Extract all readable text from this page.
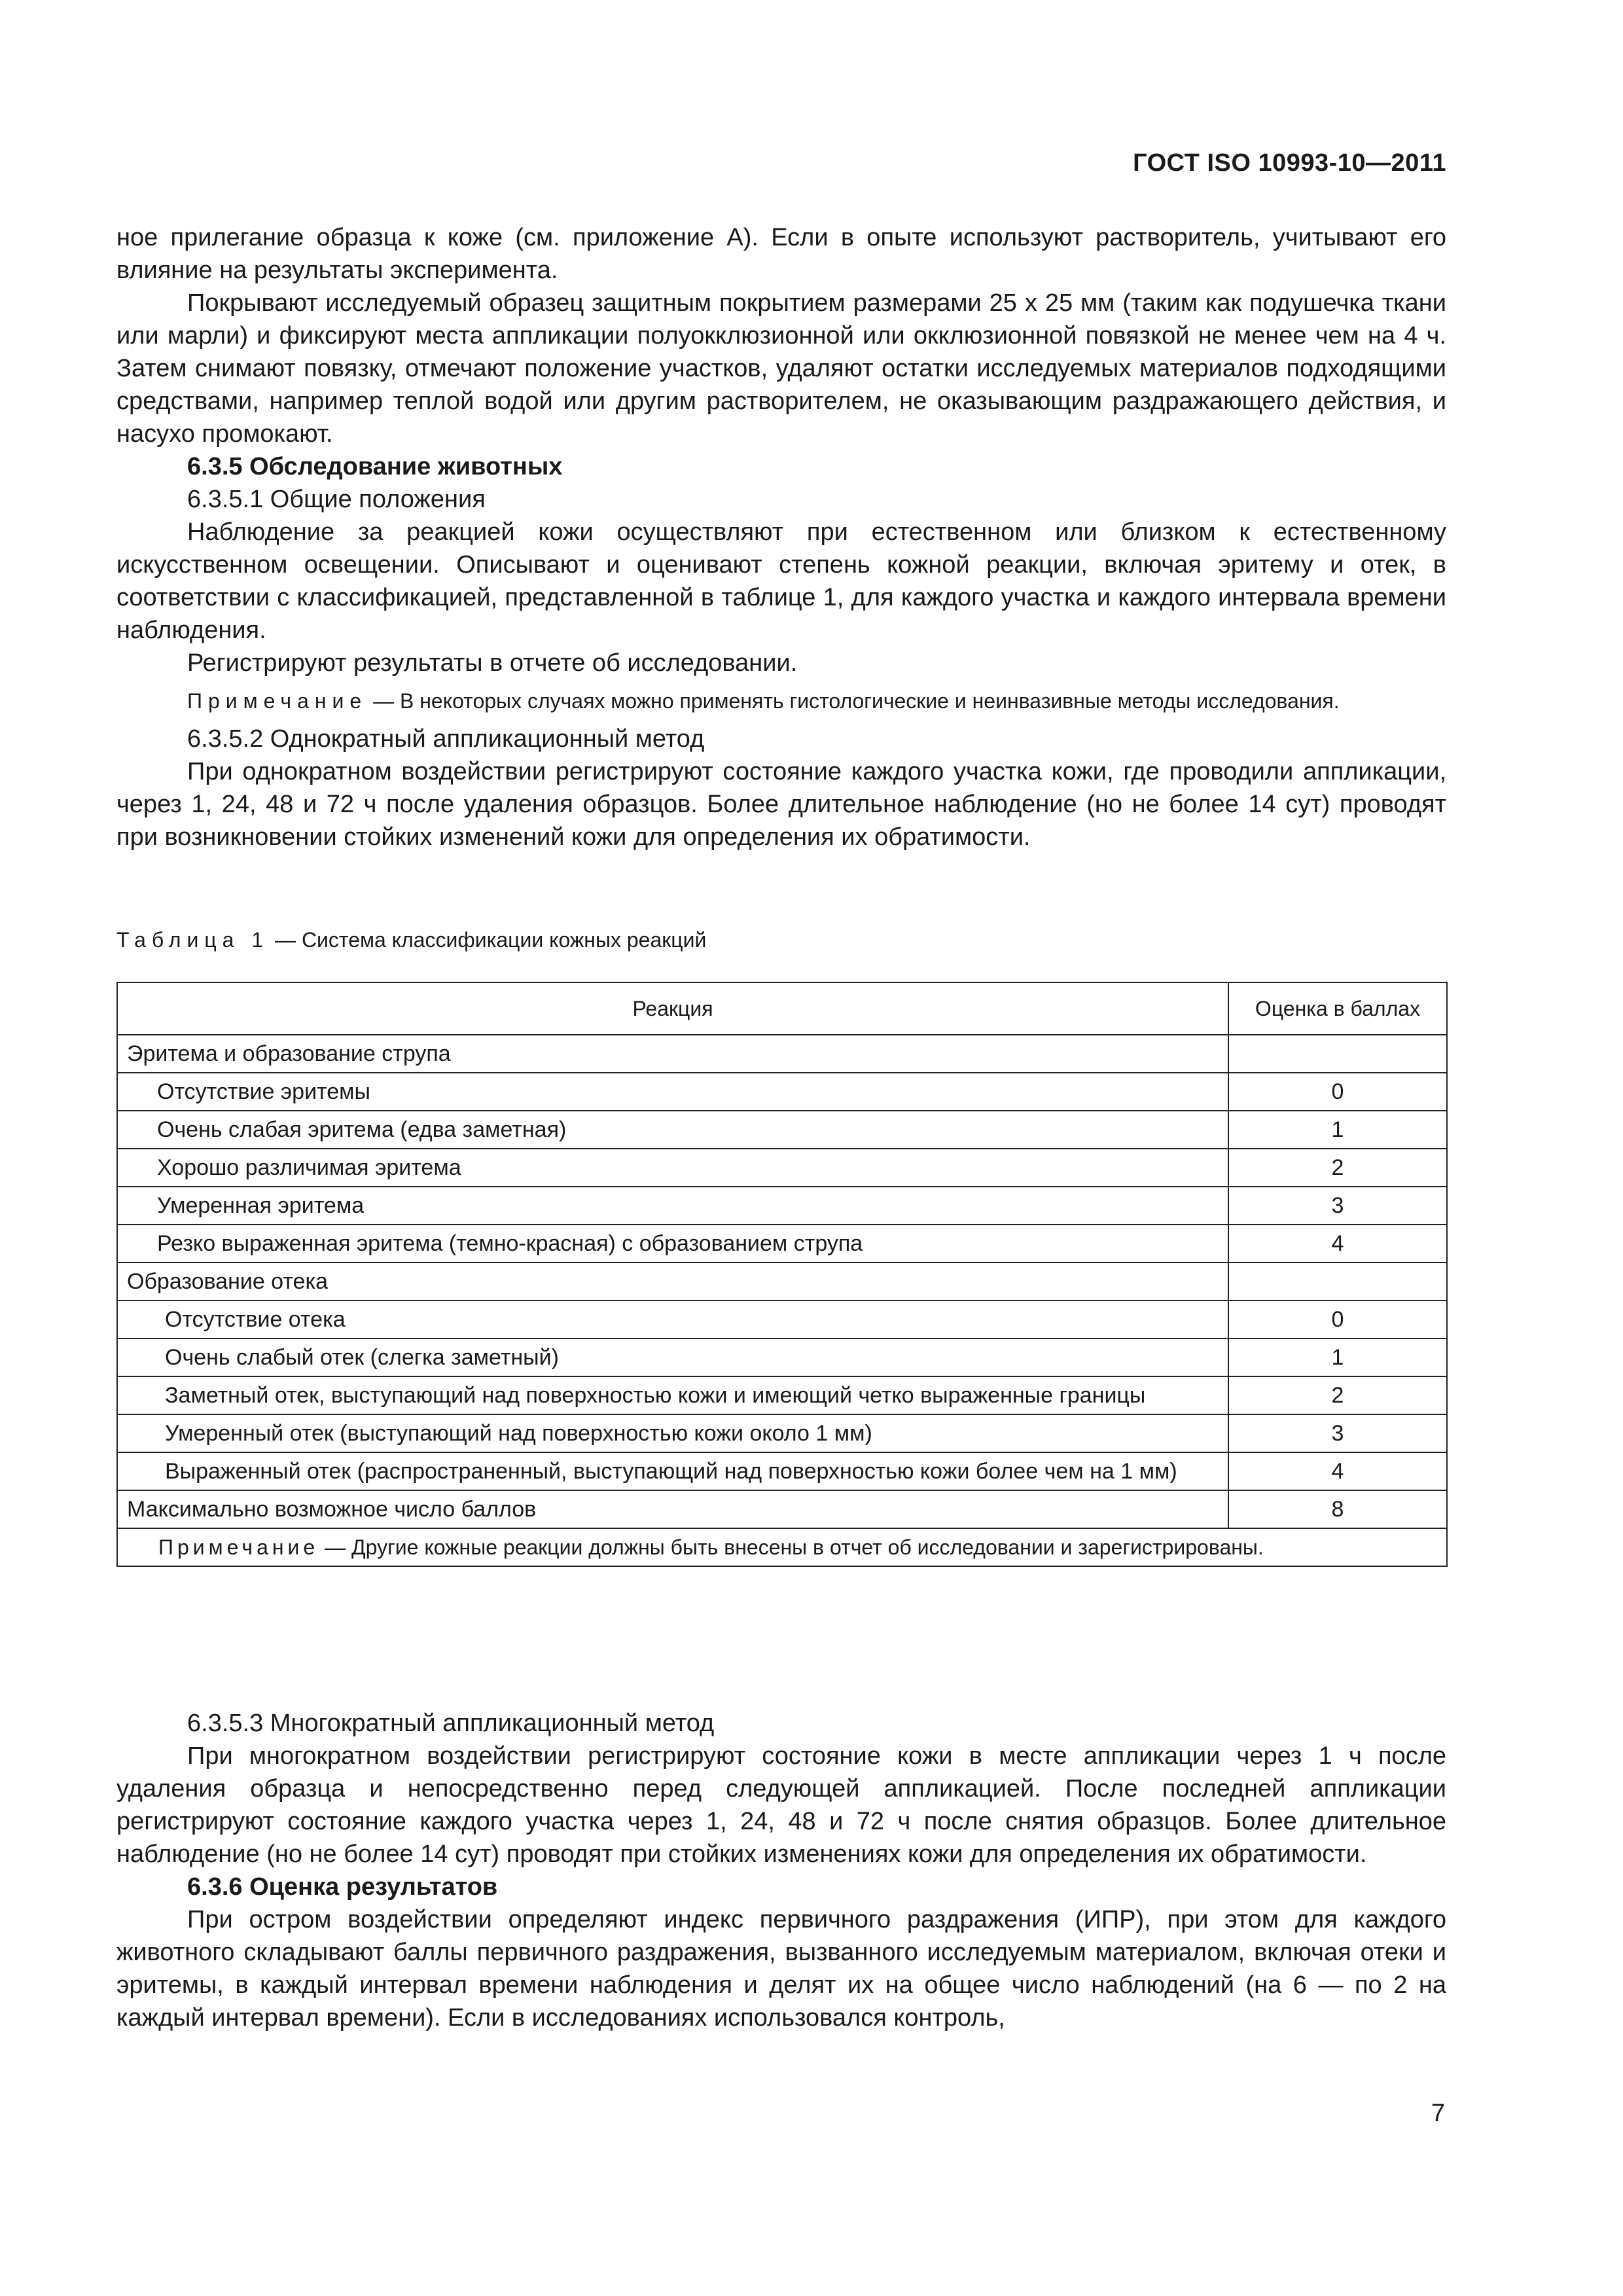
ГОСТ ISO 10993-10—2011

ное прилегание образца к коже (см. приложение А). Если в опыте используют растворитель, учитывают его влияние на результаты эксперимента.

Покрывают исследуемый образец защитным покрытием размерами 25 х 25 мм (таким как подушечка ткани или марли) и фиксируют места аппликации полуокклюзионной или окклюзионной повязкой не менее чем на 4 ч. Затем снимают повязку, отмечают положение участков, удаляют остатки исследуемых материалов подходящими средствами, например теплой водой или другим растворителем, не оказывающим раздражающего действия, и насухо промокают.

6.3.5 Обследование животных

6.3.5.1 Общие положения

Наблюдение за реакцией кожи осуществляют при естественном или близком к естественному искусственном освещении. Описывают и оценивают степень кожной реакции, включая эритему и отек, в соответствии с классификацией, представленной в таблице 1, для каждого участка и каждого интервала времени наблюдения.

Регистрируют результаты в отчете об исследовании.

Примечание — В некоторых случаях можно применять гистологические и неинвазивные методы исследования.

6.3.5.2 Однократный аппликационный метод

При однократном воздействии регистрируют состояние каждого участка кожи, где проводили аппликации, через 1, 24, 48 и 72 ч после удаления образцов. Более длительное наблюдение (но не более 14 сут) проводят при возникновении стойких изменений кожи для определения их обратимости.

Таблица 1 — Система классификации кожных реакций
Реакция	Оценка в баллах
Эритема и образование струпа	
Отсутствие эритемы	0
Очень слабая эритема (едва заметная)	1
Хорошо различимая эритема	2
Умеренная эритема	3
Резко выраженная эритема (темно-красная) с образованием струпа	4
Образование отека	
Отсутствие отека	0
Очень слабый отек (слегка заметный)	1
Заметный отек, выступающий над поверхностью кожи и имеющий четко выраженные границы	2
Умеренный отек (выступающий над поверхностью кожи около 1 мм)	3
Выраженный отек (распространенный, выступающий над поверхностью кожи более чем на 1 мм)	4
Максимально возможное число баллов	8
Примечание — Другие кожные реакции должны быть внесены в отчет об исследовании и зарегистрированы.	

6.3.5.3 Многократный аппликационный метод

При многократном воздействии регистрируют состояние кожи в месте аппликации через 1 ч после удаления образца и непосредственно перед следующей аппликацией. После последней аппликации регистрируют состояние каждого участка через 1, 24, 48 и 72 ч после снятия образцов. Более длительное наблюдение (но не более 14 сут) проводят при стойких изменениях кожи для определения их обратимости.

6.3.6 Оценка результатов

При остром воздействии определяют индекс первичного раздражения (ИПР), при этом для каждого животного складывают баллы первичного раздражения, вызванного исследуемым материалом, включая отеки и эритемы, в каждый интервал времени наблюдения и делят их на общее число наблюдений (на 6 — по 2 на каждый интервал времени). Если в исследованиях использовался контроль,

7
